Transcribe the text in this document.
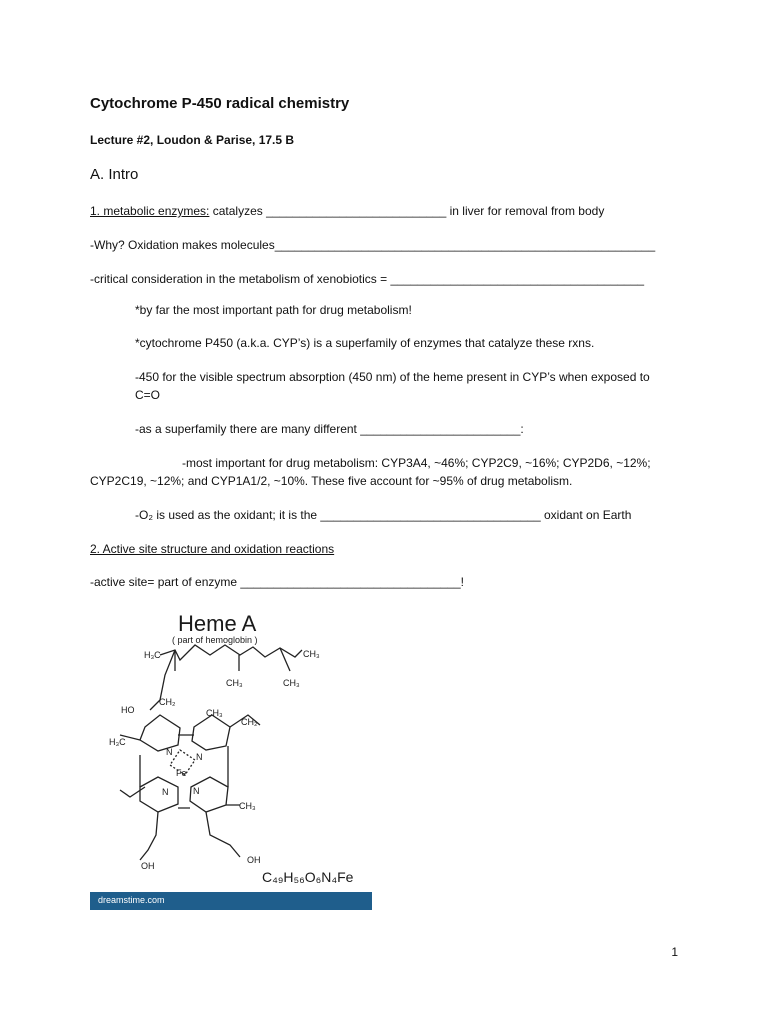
Cytochrome P-450 radical chemistry
Lecture #2, Loudon & Parise, 17.5 B
A. Intro
1. metabolic enzymes: catalyzes ___________________________ in liver for removal from body
-Why? Oxidation makes molecules_________________________________________________________
-critical consideration in the metabolism of xenobiotics = ______________________________________
*by far the most important path for drug metabolism!
*cytochrome P450 (a.k.a. CYP’s) is a superfamily of enzymes that catalyze these rxns.
-450 for the visible spectrum absorption (450 nm) of the heme present in CYP’s when exposed to C=O
-as a superfamily there are many different ________________________:
-most important for drug metabolism: CYP3A4, ~46%; CYP2C9, ~16%; CYP2D6, ~12%;
CYP2C19, ~12%; and CYP1A1/2, ~10%. These five account for ~95% of drug metabolism.
-O₂ is used as the oxidant; it is the _________________________________ oxidant on Earth
2. Active site structure and oxidation reactions
-active site= part of enzyme _________________________________!
Heme A
( part of hemoglobin )
H₃C	CH₃
CH₃	CH₃
HO
CH₂
CH₃
CH₂
H₃C
Fe
N	N
N	N
CH₃
OH
OH
C₄₉H₅₆O₆N₄Fe
dreamstime.com
1
